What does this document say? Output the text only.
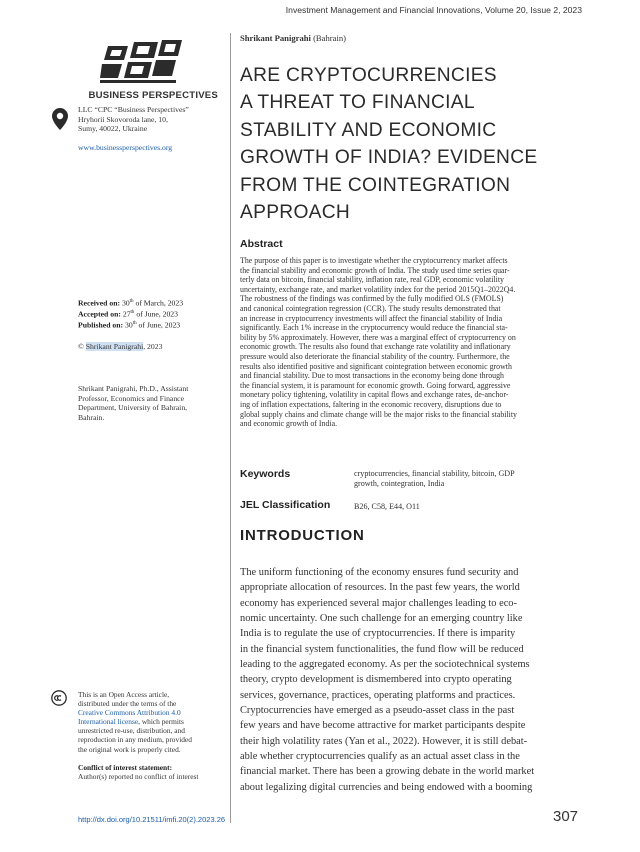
Investment Management and Financial Innovations, Volume 20, Issue 2, 2023
BUSINESS PERSPECTIVES
LLC “CPC “Business Perspectives”
Hryhorii Skovoroda lane, 10,
Sumy, 40022, Ukraine
www.businessperspectives.org
Received on: 30th of March, 2023
Accepted on: 27th of June, 2023
Published on: 30th of June, 2023
© Shrikant Panigrahi, 2023
Shrikant Panigrahi, Ph.D., Assistant
Professor, Economics and Finance
Department, University of Bahrain,
Bahrain.
This is an Open Access article,
distributed under the terms of the
Creative Commons Attribution 4.0
International license, which permits
unrestricted re-use, distribution, and
reproduction in any medium, provided
the original work is properly cited.
Conflict of interest statement:
Author(s) reported no conflict of interest
Shrikant Panigrahi (Bahrain)
ARE CRYPTOCURRENCIES
A THREAT TO FINANCIAL
STABILITY AND ECONOMIC
GROWTH OF INDIA? EVIDENCE
FROM THE COINTEGRATION
APPROACH
Abstract
The purpose of this paper is to investigate whether the cryptocurrency market affects
the financial stability and economic growth of India. The study used time series quar-
terly data on bitcoin, financial stability, inflation rate, real GDP, economic volatility
uncertainty, exchange rate, and market volatility index for the period 2015Q1–2022Q4.
The robustness of the findings was confirmed by the fully modified OLS (FMOLS)
and canonical cointegration regression (CCR). The study results demonstrated that
an increase in cryptocurrency investments will affect the financial stability of India
significantly. Each 1% increase in the cryptocurrency would reduce the financial sta-
bility by 5% approximately. However, there was a marginal effect of cryptocurrency on
economic growth. The results also found that exchange rate volatility and inflationary
pressure would also deteriorate the financial stability of the country. Furthermore, the
results also identified positive and significant cointegration between economic growth
and financial stability. Due to most transactions in the economy being done through
the financial system, it is paramount for economic growth. Going forward, aggressive
monetary policy tightening, volatility in capital flows and exchange rates, de-anchor-
ing of inflation expectations, faltering in the economic recovery, disruptions due to
global supply chains and climate change will be the major risks to the financial stability
and economic growth of India.
Keywords	cryptocurrencies, financial stability, bitcoin, GDP
growth, cointegration, India
JEL Classification	B26, C58, E44, O11
INTRODUCTION
The uniform functioning of the economy ensures fund security and
appropriate allocation of resources. In the past few years, the world
economy has experienced several major challenges leading to eco-
nomic uncertainty. One such challenge for an emerging country like
India is to regulate the use of cryptocurrencies. If there is imparity
in the financial system functionalities, the fund flow will be reduced
leading to the aggregated economy. As per the sociotechnical systems
theory, crypto development is dismembered into crypto operating
services, governance, practices, operating platforms and practices.
Cryptocurrencies have emerged as a pseudo-asset class in the past
few years and have become attractive for market participants despite
their high volatility rates (Yan et al., 2022). However, it is still debat-
able whether cryptocurrencies qualify as an actual asset class in the
financial market. There has been a growing debate in the world market
about legalizing digital currencies and being endowed with a booming
http://dx.doi.org/10.21511/imfi.20(2).2023.26	307
